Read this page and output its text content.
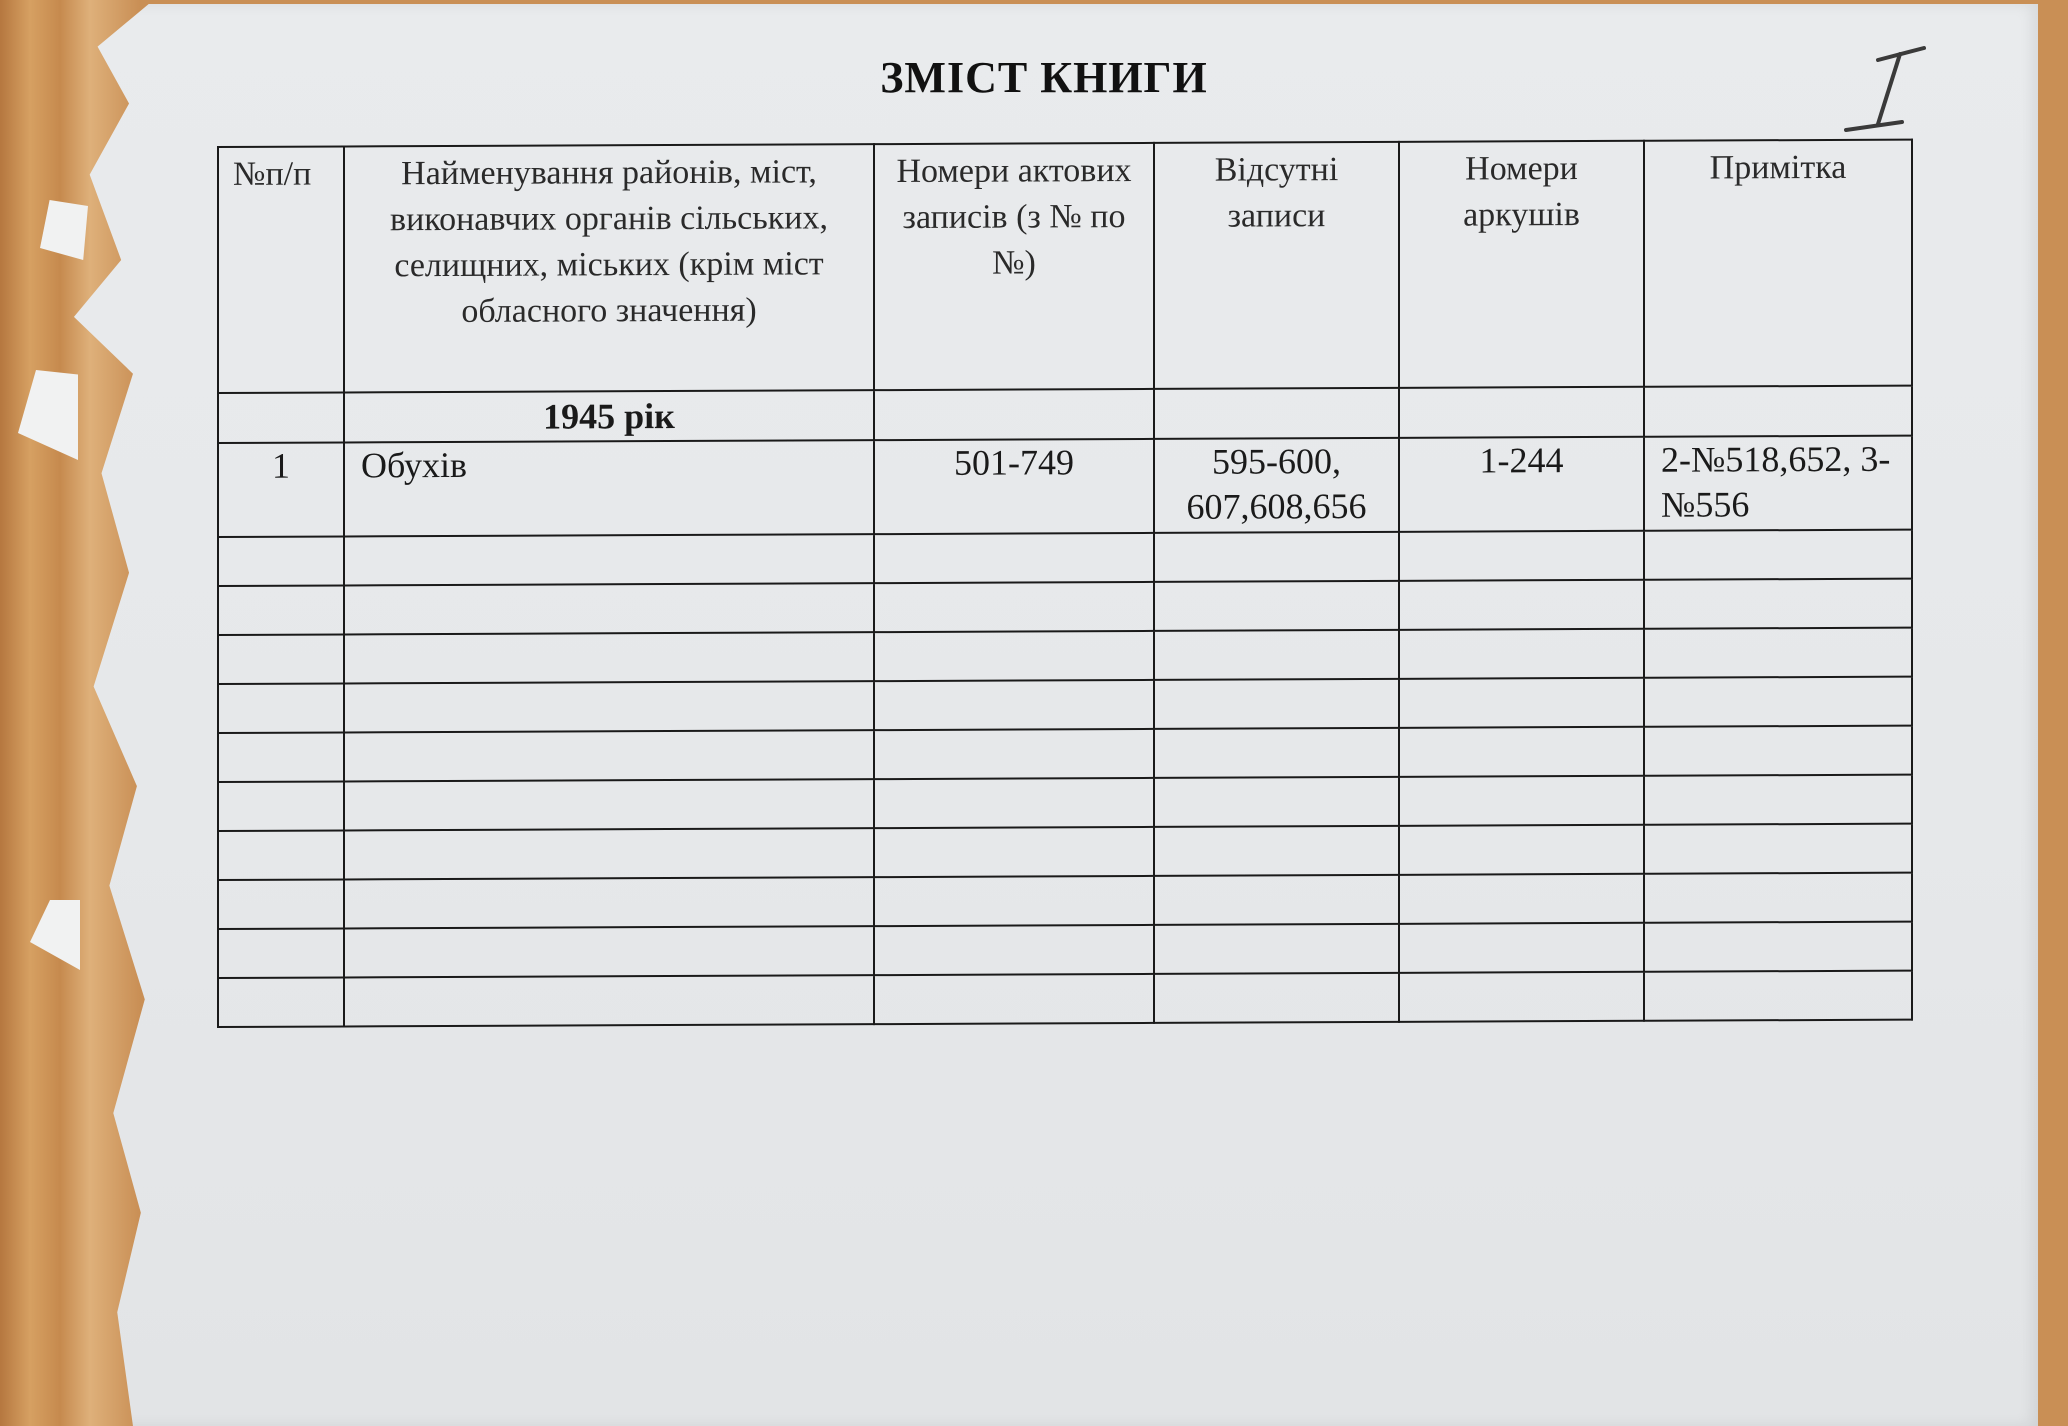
ЗМІСТ КНИГИ
№п/п	Найменування районів, міст, виконавчих органів сільських, селищних, міських (крім міст обласного значення)	Номери актових записів (з № по №)	Відсутні записи	Номери аркушів	Примітка

	1945 рік				

1	Обухів	501-749	595-600, 607,608,656	1-244	2-№518,652, 3-№556
